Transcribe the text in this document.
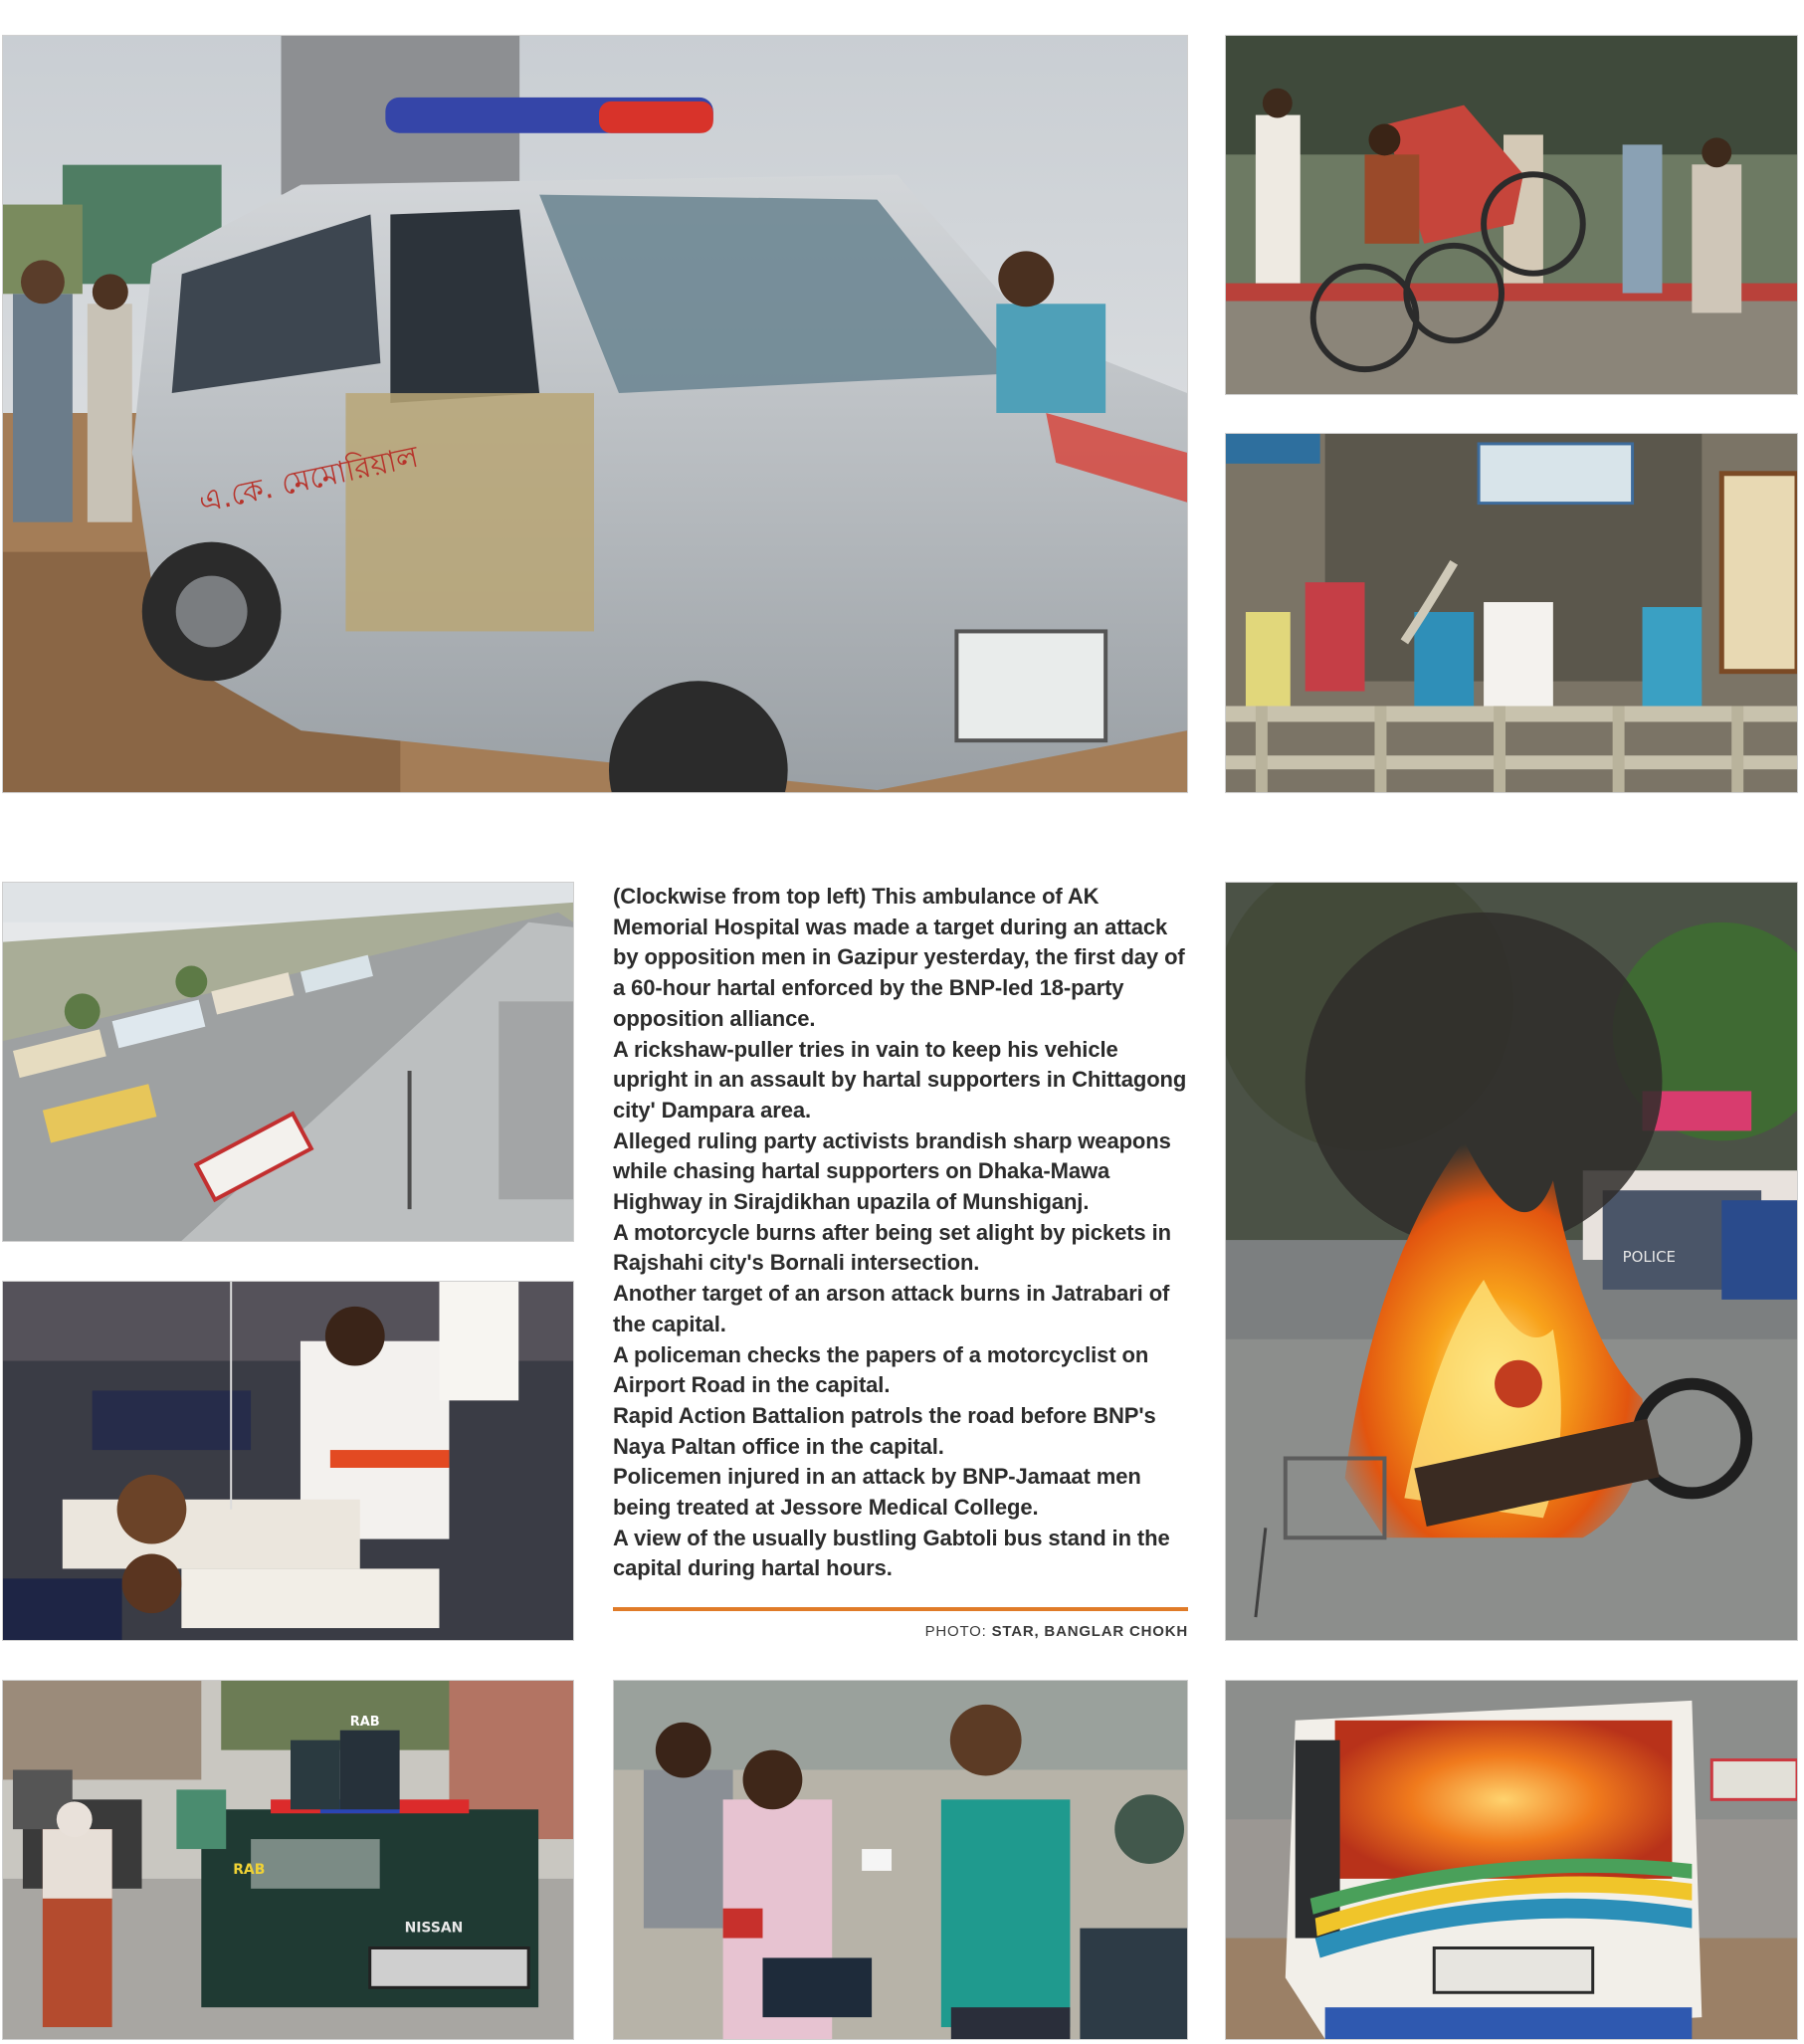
এ.কে. মেমোরিয়াল
POLICE
NISSAN
RAB
RAB

(Clockwise from top left) This ambulance of AK
Memorial Hospital was made a target during an attack
by opposition men in Gazipur yesterday, the first day of
a 60-hour hartal enforced by the BNP-led 18-party
opposition alliance.
A rickshaw-puller tries in vain to keep his vehicle
upright in an assault by hartal supporters in Chittagong
city' Dampara area.
Alleged ruling party activists brandish sharp weapons
while chasing hartal supporters on Dhaka-Mawa
Highway in Sirajdikhan upazila of Munshiganj.
A motorcycle burns after being set alight by pickets in
Rajshahi city's Bornali intersection.
Another target of an arson attack burns in Jatrabari of
the capital.
A policeman checks the papers of a motorcyclist on
Airport Road in the capital.
Rapid Action Battalion patrols the road before BNP's
Naya Paltan office in the capital.
Policemen injured in an attack by BNP-Jamaat men
being treated at Jessore Medical College.
A view of the usually bustling Gabtoli bus stand in the
capital during hartal hours.

PHOTO: STAR, BANGLAR CHOKH
